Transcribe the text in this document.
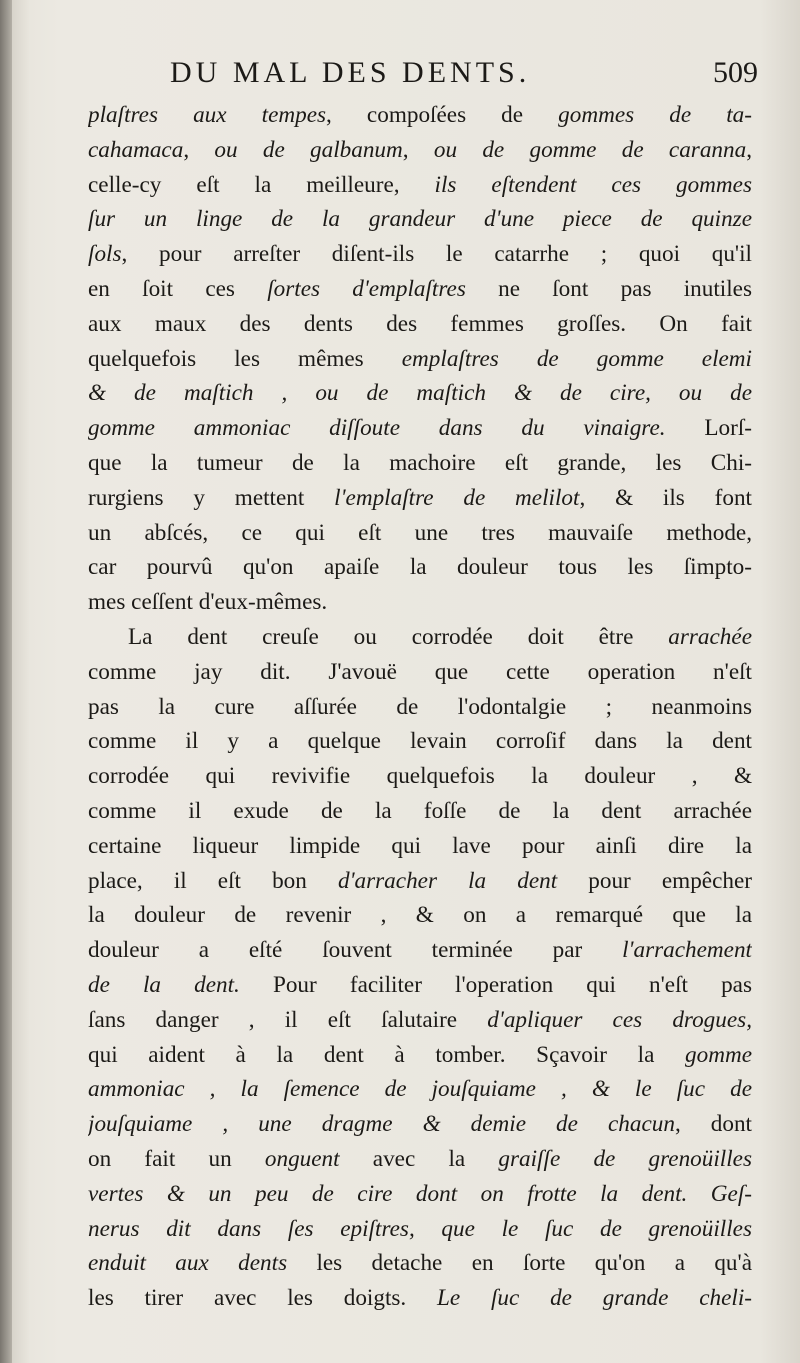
DU MAL DES DENTS.	509
plaſtres aux tempes, compoſées de gommes de ta-
cahamaca, ou de galbanum, ou de gomme de caranna,
celle-cy eſt la meilleure, ils eſtendent ces gommes
ſur un linge de la grandeur d'une piece de quinze
ſols, pour arreſter diſent-ils le catarrhe ; quoi qu'il
en ſoit ces ſortes d'emplaſtres ne ſont pas inutiles
aux maux des dents des femmes groſſes. On fait
quelquefois les mêmes emplaſtres de gomme elemi
& de maſtich , ou de maſtich & de cire, ou de
gomme ammoniac diſſoute dans du vinaigre. Lorſ-
que la tumeur de la machoire eſt grande, les Chi-
rurgiens y mettent l'emplaſtre de melilot, & ils font
un abſcés, ce qui eſt une tres mauvaiſe methode,
car pourvû qu'on apaiſe la douleur tous les ſimpto-
mes ceſſent d'eux-mêmes.
La dent creuſe ou corrodée doit être arrachée
comme jay dit. J'avouë que cette operation n'eſt
pas la cure aſſurée de l'odontalgie ; neanmoins
comme il y a quelque levain corroſif dans la dent
corrodée qui revivifie quelquefois la douleur , &
comme il exude de la foſſe de la dent arrachée
certaine liqueur limpide qui lave pour ainſi dire la
place, il eſt bon d'arracher la dent pour empêcher
la douleur de revenir , & on a remarqué que la
douleur a eſté ſouvent terminée par l'arrachement
de la dent. Pour faciliter l'operation qui n'eſt pas
ſans danger , il eſt ſalutaire d'apliquer ces drogues,
qui aident à la dent à tomber. Sçavoir la gomme
ammoniac , la ſemence de jouſquiame , & le ſuc de
jouſquiame , une dragme & demie de chacun, dont
on fait un onguent avec la graiſſe de grenoüilles
vertes & un peu de cire dont on frotte la dent. Geſ-
nerus dit dans ſes epiſtres, que le ſuc de grenoüilles
enduit aux dents les detache en ſorte qu'on a qu'à
les tirer avec les doigts. Le ſuc de grande cheli-
